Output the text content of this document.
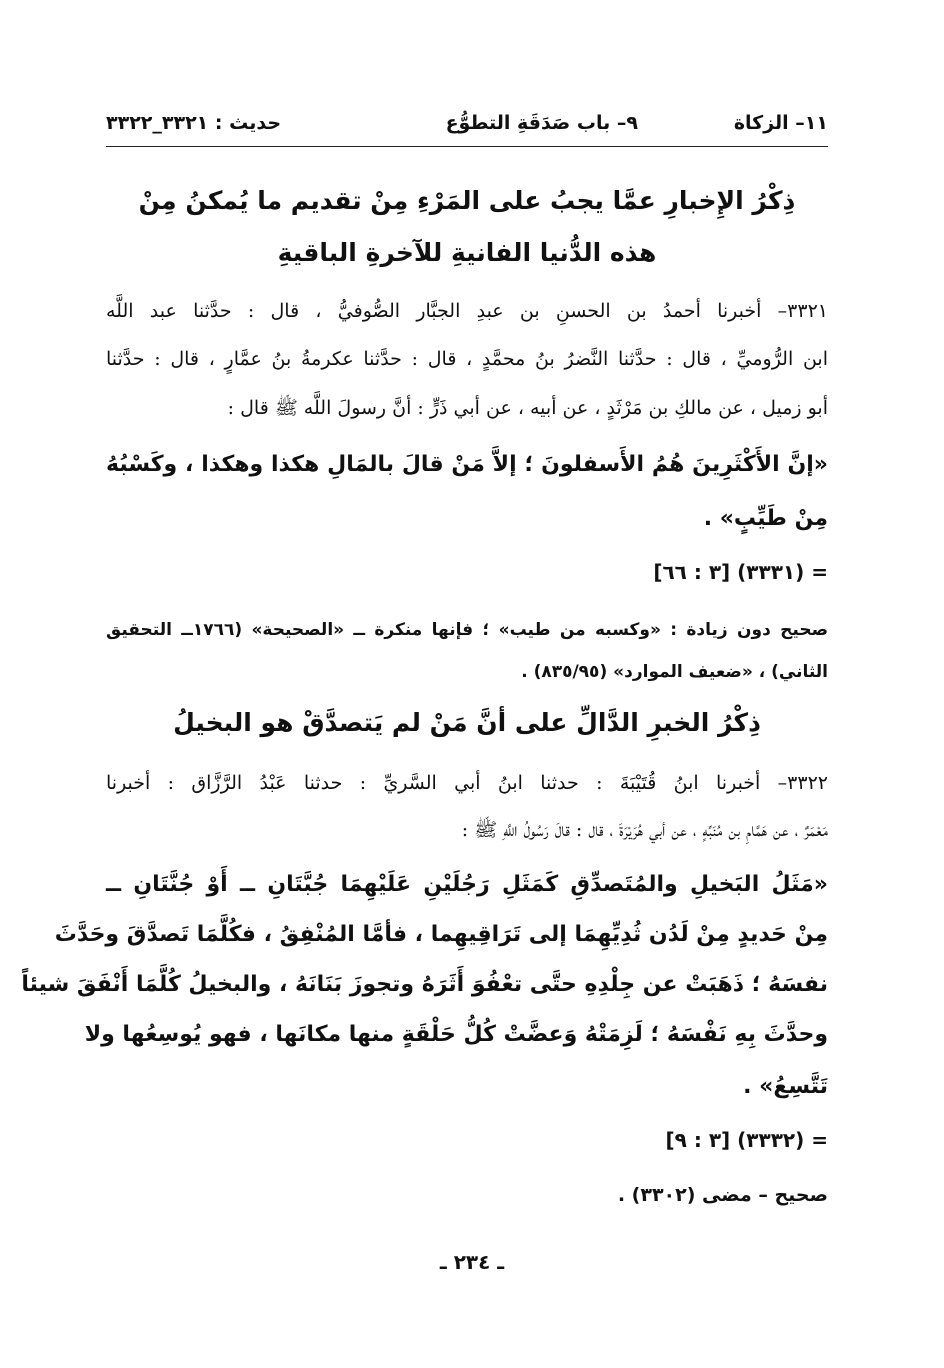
١١– الزكاة
٩– باب صَدَقَةِ التطوُّع
حديث : ٣٣٢١_٣٣٢٢
ذِكْرُ الإِخبارِ عمَّا يجبُ على المَرْءِ مِنْ تقديم ما يُمكنُ مِنْ
هذه الدُّنيا الفانيةِ للآخرةِ الباقيةِ
٣٣٢١– أخبرنا أحمدُ بن الحسنِ بن عبدِ الجبَّار الصُّوفيُّ ، قال : حدَّثنا عبد اللَّه
ابن الرُّوميِّ ، قال : حدَّثنا النَّضرُ بنُ محمَّدٍ ، قال : حدَّثنا عكرمةُ بنُ عمَّارٍ ، قال : حدَّثنا
أبو زميل ، عن مالكِ بن مَرْثَدٍ ، عن أبيه ، عن أبي ذَرٍّ : أنَّ رسولَ اللَّه ﷺ قال :
«إنَّ الأَكْثَرِينَ هُمُ الأَسفلونَ ؛ إلاَّ مَنْ قالَ بالمَالِ هكذا وهكذا ، وكَسْبُهُ
مِنْ طَيِّبٍ» .
= (٣٣٣١) [٣ : ٦٦]
صحيح دون زيادة : «وكسبه من طيب» ؛ فإنها منكرة ــ «الصحيحة» (١٧٦٦ــ التحقيق
الثاني) ، «ضعيف الموارد» (٨٣٥/٩٥) .
ذِكْرُ الخبرِ الدَّالِّ على أنَّ مَنْ لم يَتصدَّقْ هو البخيلُ
٣٣٢٢– أخبرنا ابنُ قُتَيْبَةَ : حدثنا ابنُ أبي السَّريِّ : حدثنا عَبْدُ الرَّزَّاق : أخبرنا
مَعْمَرٌ ، عن هَمَّامِ بن مُنَبِّهٍ ، عن أبي هُرَيْرَةَ ، قال : قالَ رَسُولُ اللَّهِ ﷺ :
«مَثَلُ البَخيلِ والمُتَصدِّقِ كَمَثَلِ رَجُلَيْنِ عَلَيْهِمَا جُبَّتَانِ ــ أَوْ جُنَّتَانِ ــ
مِنْ حَديدٍ مِنْ لَدُن ثُدِيِّهِمَا إلى تَرَاقِيهِما ، فأمَّا المُنْفِقُ ، فكُلَّمَا تَصدَّقَ وحَدَّثَ
نفسَهُ ؛ ذَهَبَتْ عن جِلْدِهِ حتَّى تعْفُوَ أَثَرَهُ وتجوزَ بَنَانَهُ ، والبخيلُ كُلَّمَا أَنْفَقَ شيئاً
وحدَّثَ بِهِ نَفْسَهُ ؛ لَزِمَتْهُ وَعضَّتْ كُلُّ حَلْقَةٍ منها مكانَها ، فهو يُوسِعُها ولا
تَتَّسِعُ» .
= (٣٣٣٢) [٣ : ٩]
صحيح – مضى (٣٣٠٢) .
ـ ٢٣٤ ـ
